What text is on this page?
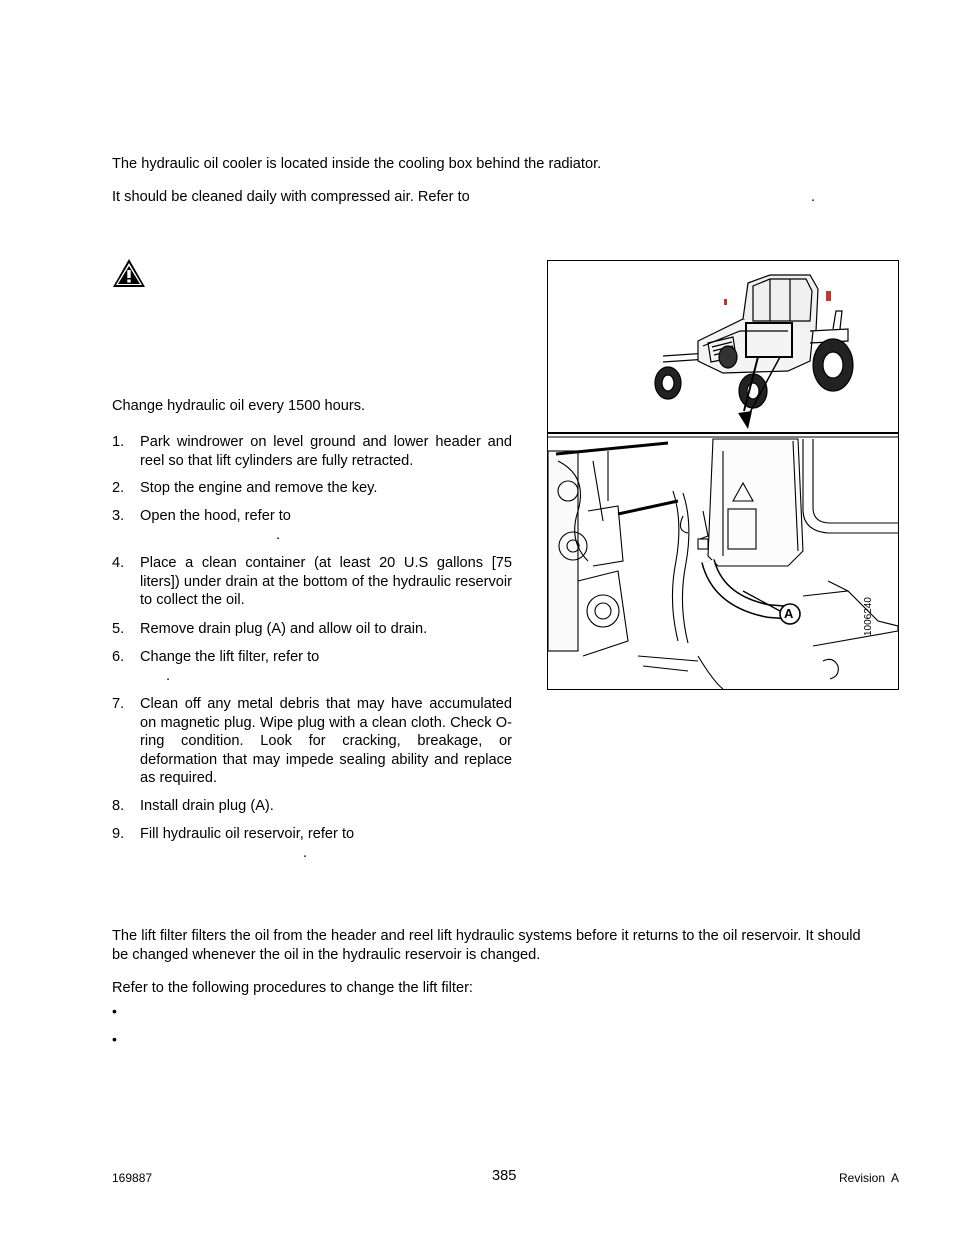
The hydraulic oil cooler is located inside the cooling box behind the radiator.
It should be cleaned daily with compressed air. Refer to	.
Change hydraulic oil every 1500 hours.
1.	Park windrower on level ground and lower header and reel so that lift cylinders are fully retracted.
2.	Stop the engine and remove the key.
3.	Open the hood, refer to
.
4.	Place a clean container (at least 20 U.S gallons [75 liters]) under drain at the bottom of the hydraulic reservoir to collect the oil.
5.	Remove drain plug (A) and allow oil to drain.
6.	Change the lift filter, refer to
.
7.	Clean off any metal debris that may have accumulated on magnetic plug. Wipe plug with a clean cloth. Check O-ring condition. Look for cracking, breakage, or deformation that may impede sealing ability and replace as required.
8.	Install drain plug (A).
9.	Fill hydraulic oil reservoir, refer to
.
A	1006240
The lift filter filters the oil from the header and reel lift hydraulic systems before it returns to the oil reservoir. It should be changed whenever the oil in the hydraulic reservoir is changed.
Refer to the following procedures to change the lift filter:
•
•
169887	385	Revision  A
